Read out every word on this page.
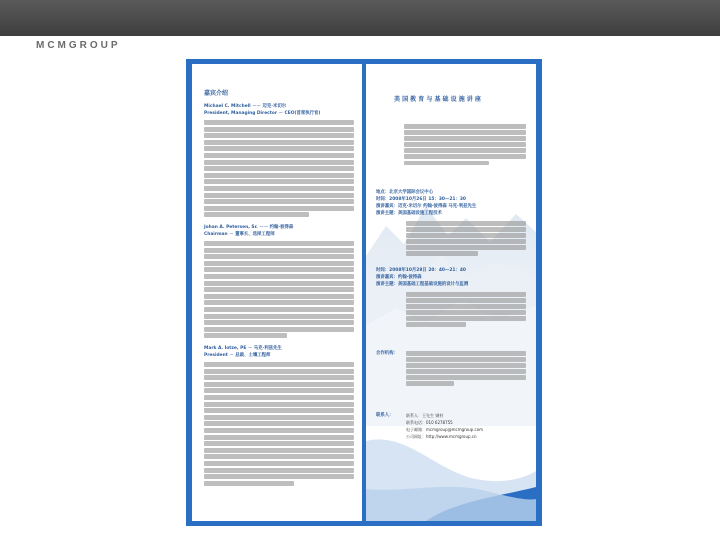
MCMGROUP
嘉宾介绍
Michael C. Mitchell －－ 迈克·米切尔
President, Managing Director － CEO(首席执行官)
Johan A. Petersen, Sr. －－ 约翰·彼得森
Chairman － 董事长、选择工程师
Mark A. Iotze, PE － 马克·利兹先生
President － 总裁、土壤工程师
美 国 教 育 与 基 础 设 施 讲 座
地点：北京大学国际会议中心
时间：2008年10月26日 15：30—21：30
演讲嘉宾：迈克·米切尔 约翰·彼得森 马克·利兹先生
演讲主题：美国基础设施工程技术
时间：2008年10月28日 20：40—21：40
演讲嘉宾：约翰·彼得森
演讲主题：美国基础工程基础设施的设计与监测
合作机构：
联系人：	联系人：王先生 钢材
联系电话：010 6278755
电子邮箱：mcmgroup@mcmgroup.com
公司网址：http://www.mcmgroup.cn
